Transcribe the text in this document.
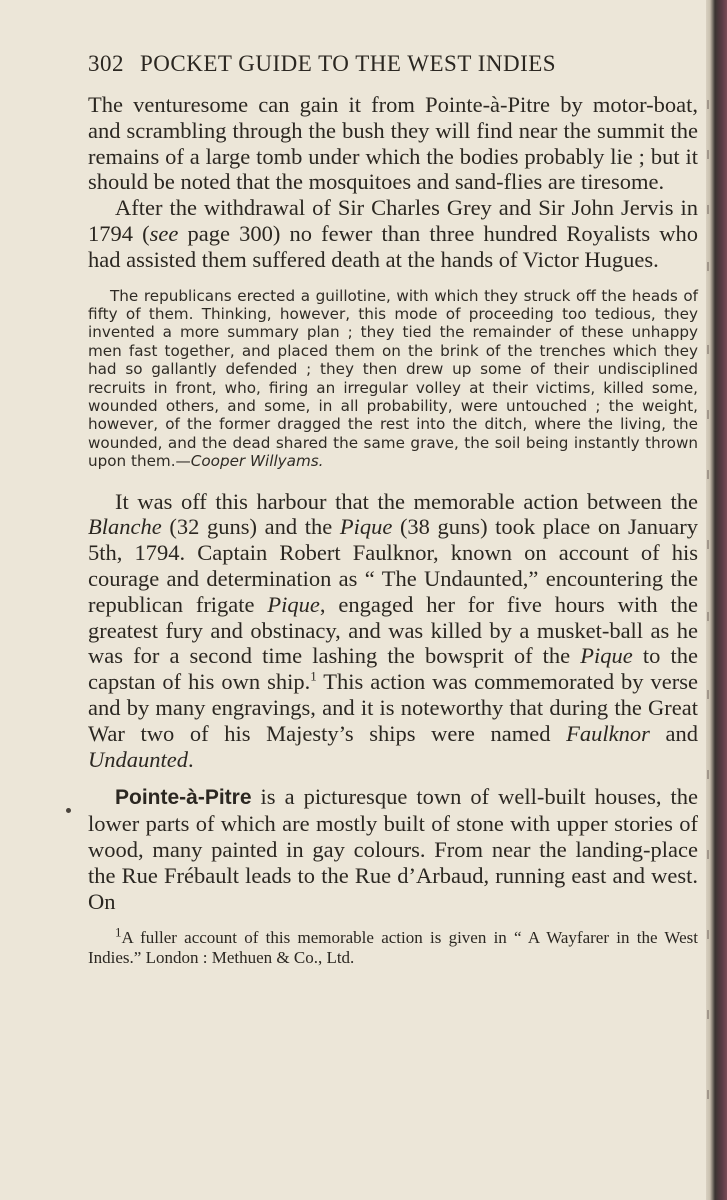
302 POCKET GUIDE TO THE WEST INDIES

The venturesome can gain it from Pointe-à-Pitre by motor-boat, and scrambling through the bush they will find near the summit the remains of a large tomb under which the bodies probably lie ; but it should be noted that the mosquitoes and sand-flies are tiresome.

After the withdrawal of Sir Charles Grey and Sir John Jervis in 1794 (see page 300) no fewer than three hundred Royalists who had assisted them suffered death at the hands of Victor Hugues.

The republicans erected a guillotine, with which they struck off the heads of fifty of them. Thinking, however, this mode of proceeding too tedious, they invented a more summary plan ; they tied the remainder of these unhappy men fast together, and placed them on the brink of the trenches which they had so gallantly defended ; they then drew up some of their undisciplined recruits in front, who, firing an irregular volley at their victims, killed some, wounded others, and some, in all probability, were untouched ; the weight, however, of the former dragged the rest into the ditch, where the living, the wounded, and the dead shared the same grave, the soil being instantly thrown upon them.—Cooper Willyams.

It was off this harbour that the memorable action between the Blanche (32 guns) and the Pique (38 guns) took place on January 5th, 1794. Captain Robert Faulknor, known on account of his courage and determination as “ The Undaunted,” encountering the republican frigate Pique, engaged her for five hours with the greatest fury and obstinacy, and was killed by a musket-ball as he was for a second time lashing the bowsprit of the Pique to the capstan of his own ship.$^1$ This action was commemorated by verse and by many engravings, and it is noteworthy that during the Great War two of his Majesty’s ships were named Faulknor and Undaunted.

Pointe-à-Pitre is a picturesque town of well-built houses, the lower parts of which are mostly built of stone with upper stories of wood, many painted in gay colours. From near the landing-place the Rue Frébault leads to the Rue d’Arbaud, running east and west. On

$^1$A fuller account of this memorable action is given in “ A Wayfarer in the West Indies.” London : Methuen & Co., Ltd.
